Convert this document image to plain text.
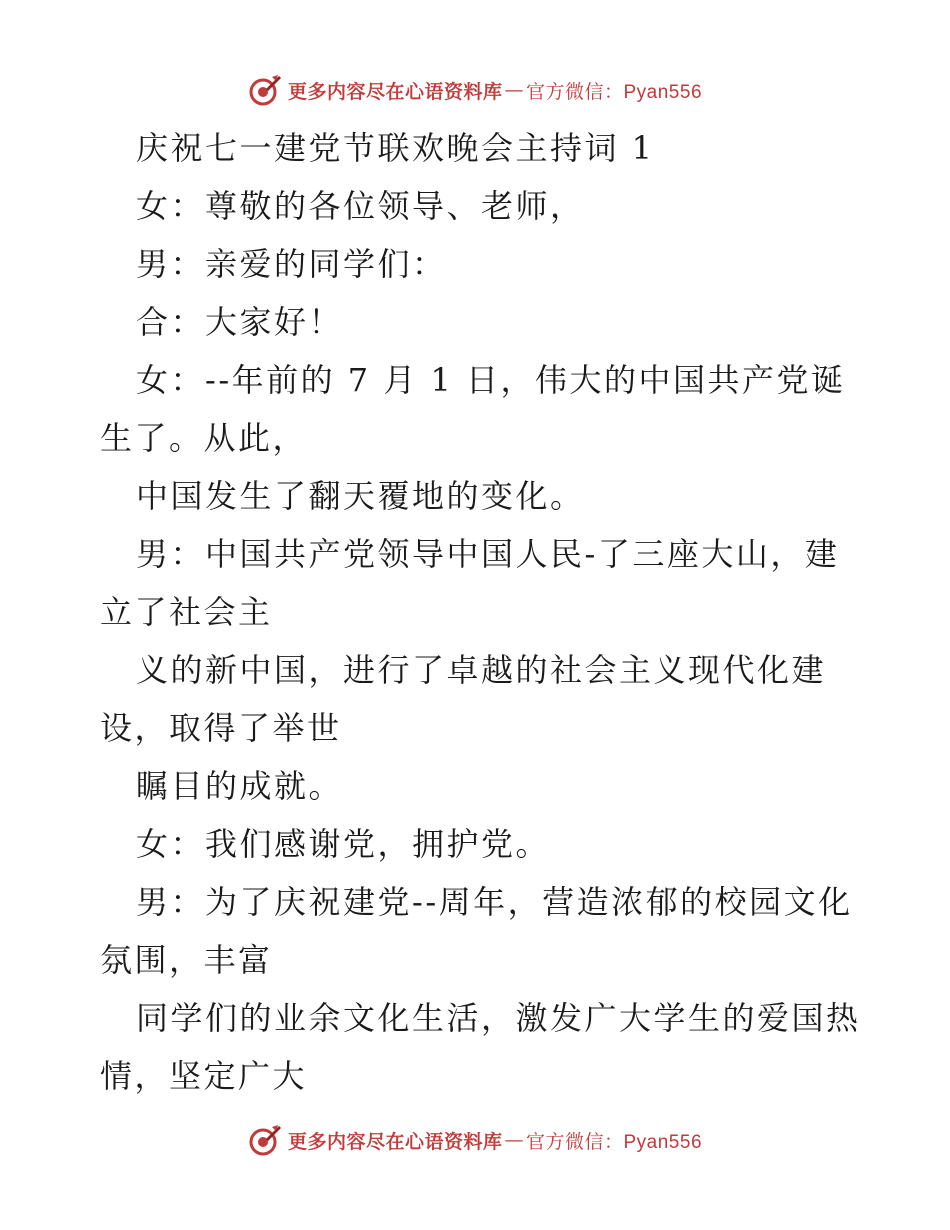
更多内容尽在心语资料库 — 官方微信：Pyan556
庆祝七一建党节联欢晚会主持词 1
女：尊敬的各位领导、老师，
男：亲爱的同学们：
合：大家好！
女：--年前的 7 月 1 日，伟大的中国共产党诞
生了。从此，
中国发生了翻天覆地的变化。
男：中国共产党领导中国人民-了三座大山，建
立了社会主
义的新中国，进行了卓越的社会主义现代化建
设，取得了举世
瞩目的成就。
女：我们感谢党，拥护党。
男：为了庆祝建党--周年，营造浓郁的校园文化
氛围，丰富
同学们的业余文化生活，激发广大学生的爱国热
情，坚定广大
更多内容尽在心语资料库 — 官方微信：Pyan556
